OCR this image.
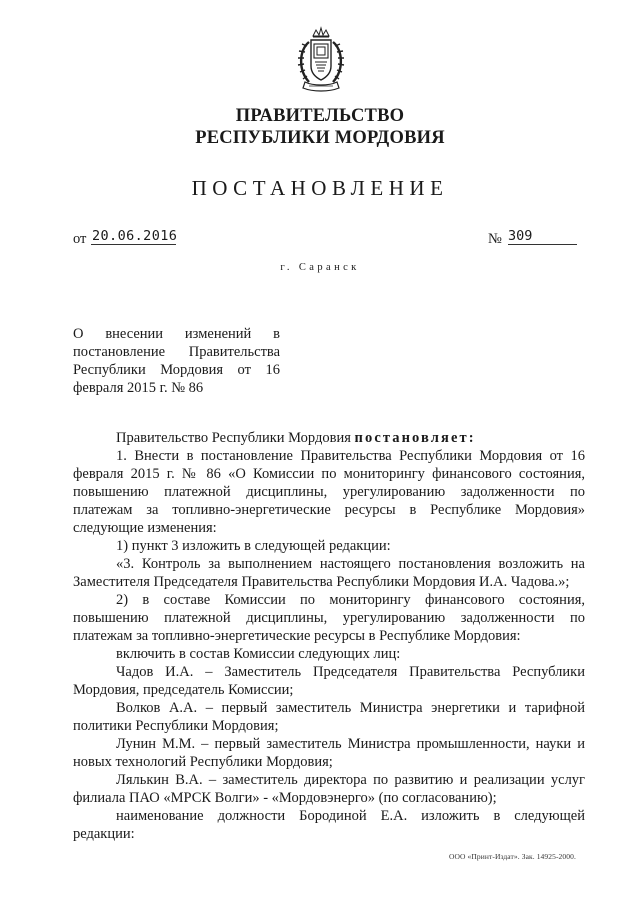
ПРАВИТЕЛЬСТВО
РЕСПУБЛИКИ МОРДОВИЯ
ПОСТАНОВЛЕНИЕ
от 20.06.2016	№ 309
г. Саранск
О внесении изменений в
постановление Правительства
Республики Мордовия от 16
февраля 2015 г. № 86

Правительство Республики Мордовия постановляет:

1. Внести в постановление Правительства Республики Мордовия от 16
февраля 2015 г. № 86 «О Комиссии по мониторингу финансового состояния,
повышению платежной дисциплины, урегулированию задолженности по
платежам за топливно-энергетические ресурсы в Республике Мордовия»
следующие изменения:
1) пункт 3 изложить в следующей редакции:
«3. Контроль за выполнением настоящего постановления возложить на
Заместителя Председателя Правительства Республики Мордовия И.А. Чадова.»;
2) в составе Комиссии по мониторингу финансового состояния,
повышению платежной дисциплины, урегулированию задолженности по
платежам за топливно-энергетические ресурсы в Республике Мордовия:
включить в состав Комиссии следующих лиц:
Чадов И.А. – Заместитель Председателя Правительства Республики
Мордовия, председатель Комиссии;
Волков А.А. – первый заместитель Министра энергетики и тарифной
политики Республики Мордовия;
Лунин М.М. – первый заместитель Министра промышленности, науки и
новых технологий Республики Мордовия;
Лялькин В.А. – заместитель директора по развитию и реализации услуг
филиала ПАО «МРСК Волги» - «Мордовэнерго» (по согласованию);
наименование должности Бородиной Е.А. изложить в следующей
редакции:
ООО «Принт-Издат». Зак. 14925-2000.
